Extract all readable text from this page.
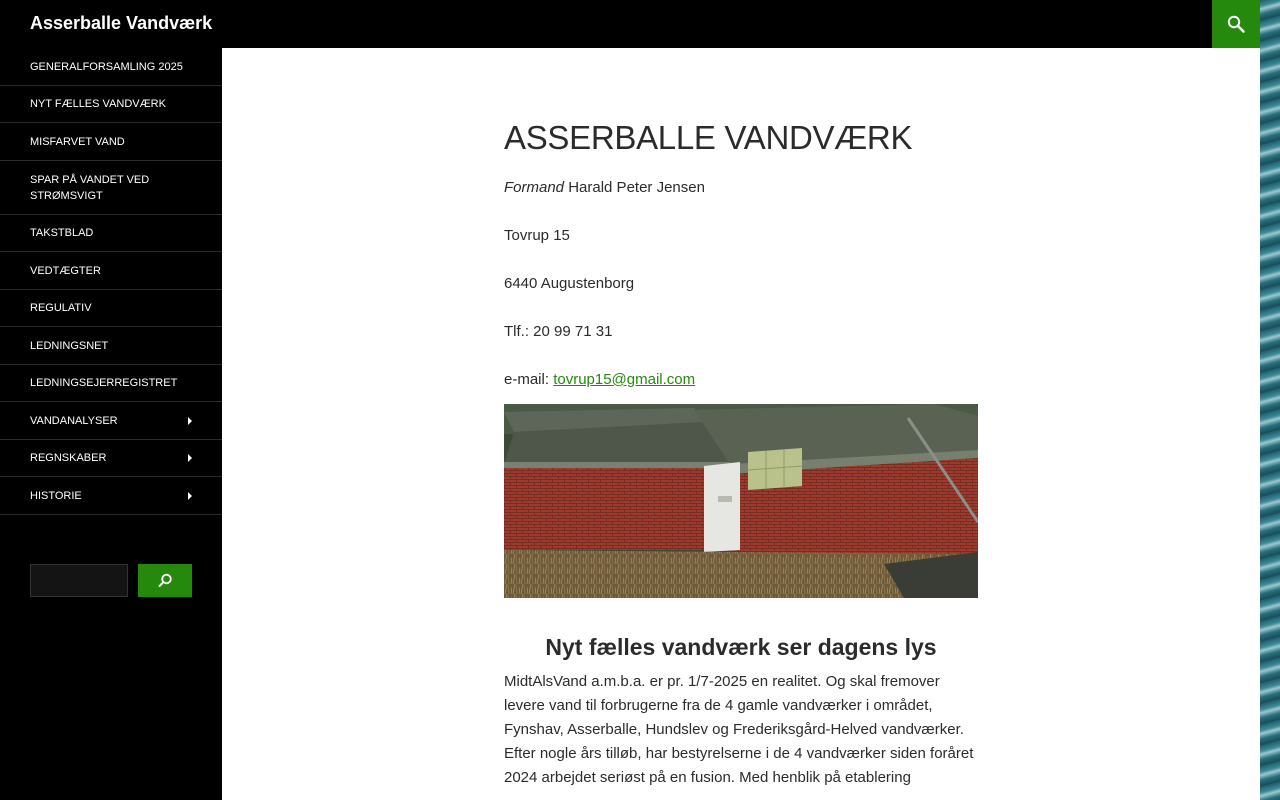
Asserballe Vandværk
GENERALFORSAMLING 2025
NYT FÆLLES VANDVÆRK
MISFARVET VAND
SPAR PÅ VANDET VED STRØMSVIGT
TAKSTBLAD
VEDTÆGTER
REGULATIV
LEDNINGSNET
LEDNINGSEJERREGISTRET
VANDANALYSER
REGNSKABER
HISTORIE
ASSERBALLE VANDVÆRK

Formand Harald Peter Jensen

Tovrup 15

6440 Augustenborg

Tlf.: 20 99 71 31

e-mail: tovrup15@gmail.com

Nyt fælles vandværk ser dagens lys

MidtAlsVand a.m.b.a. er pr. 1/7-2025 en realitet. Og skal fremover levere vand til forbrugerne fra de 4 gamle vandværker i området, Fynshav, Asserballe, Hundslev og Frederiksgård-Helved vandværker. Efter nogle års tilløb, har bestyrelserne i de 4 vandværker siden foråret 2024 arbejdet seriøst på en fusion. Med henblik på etablering
